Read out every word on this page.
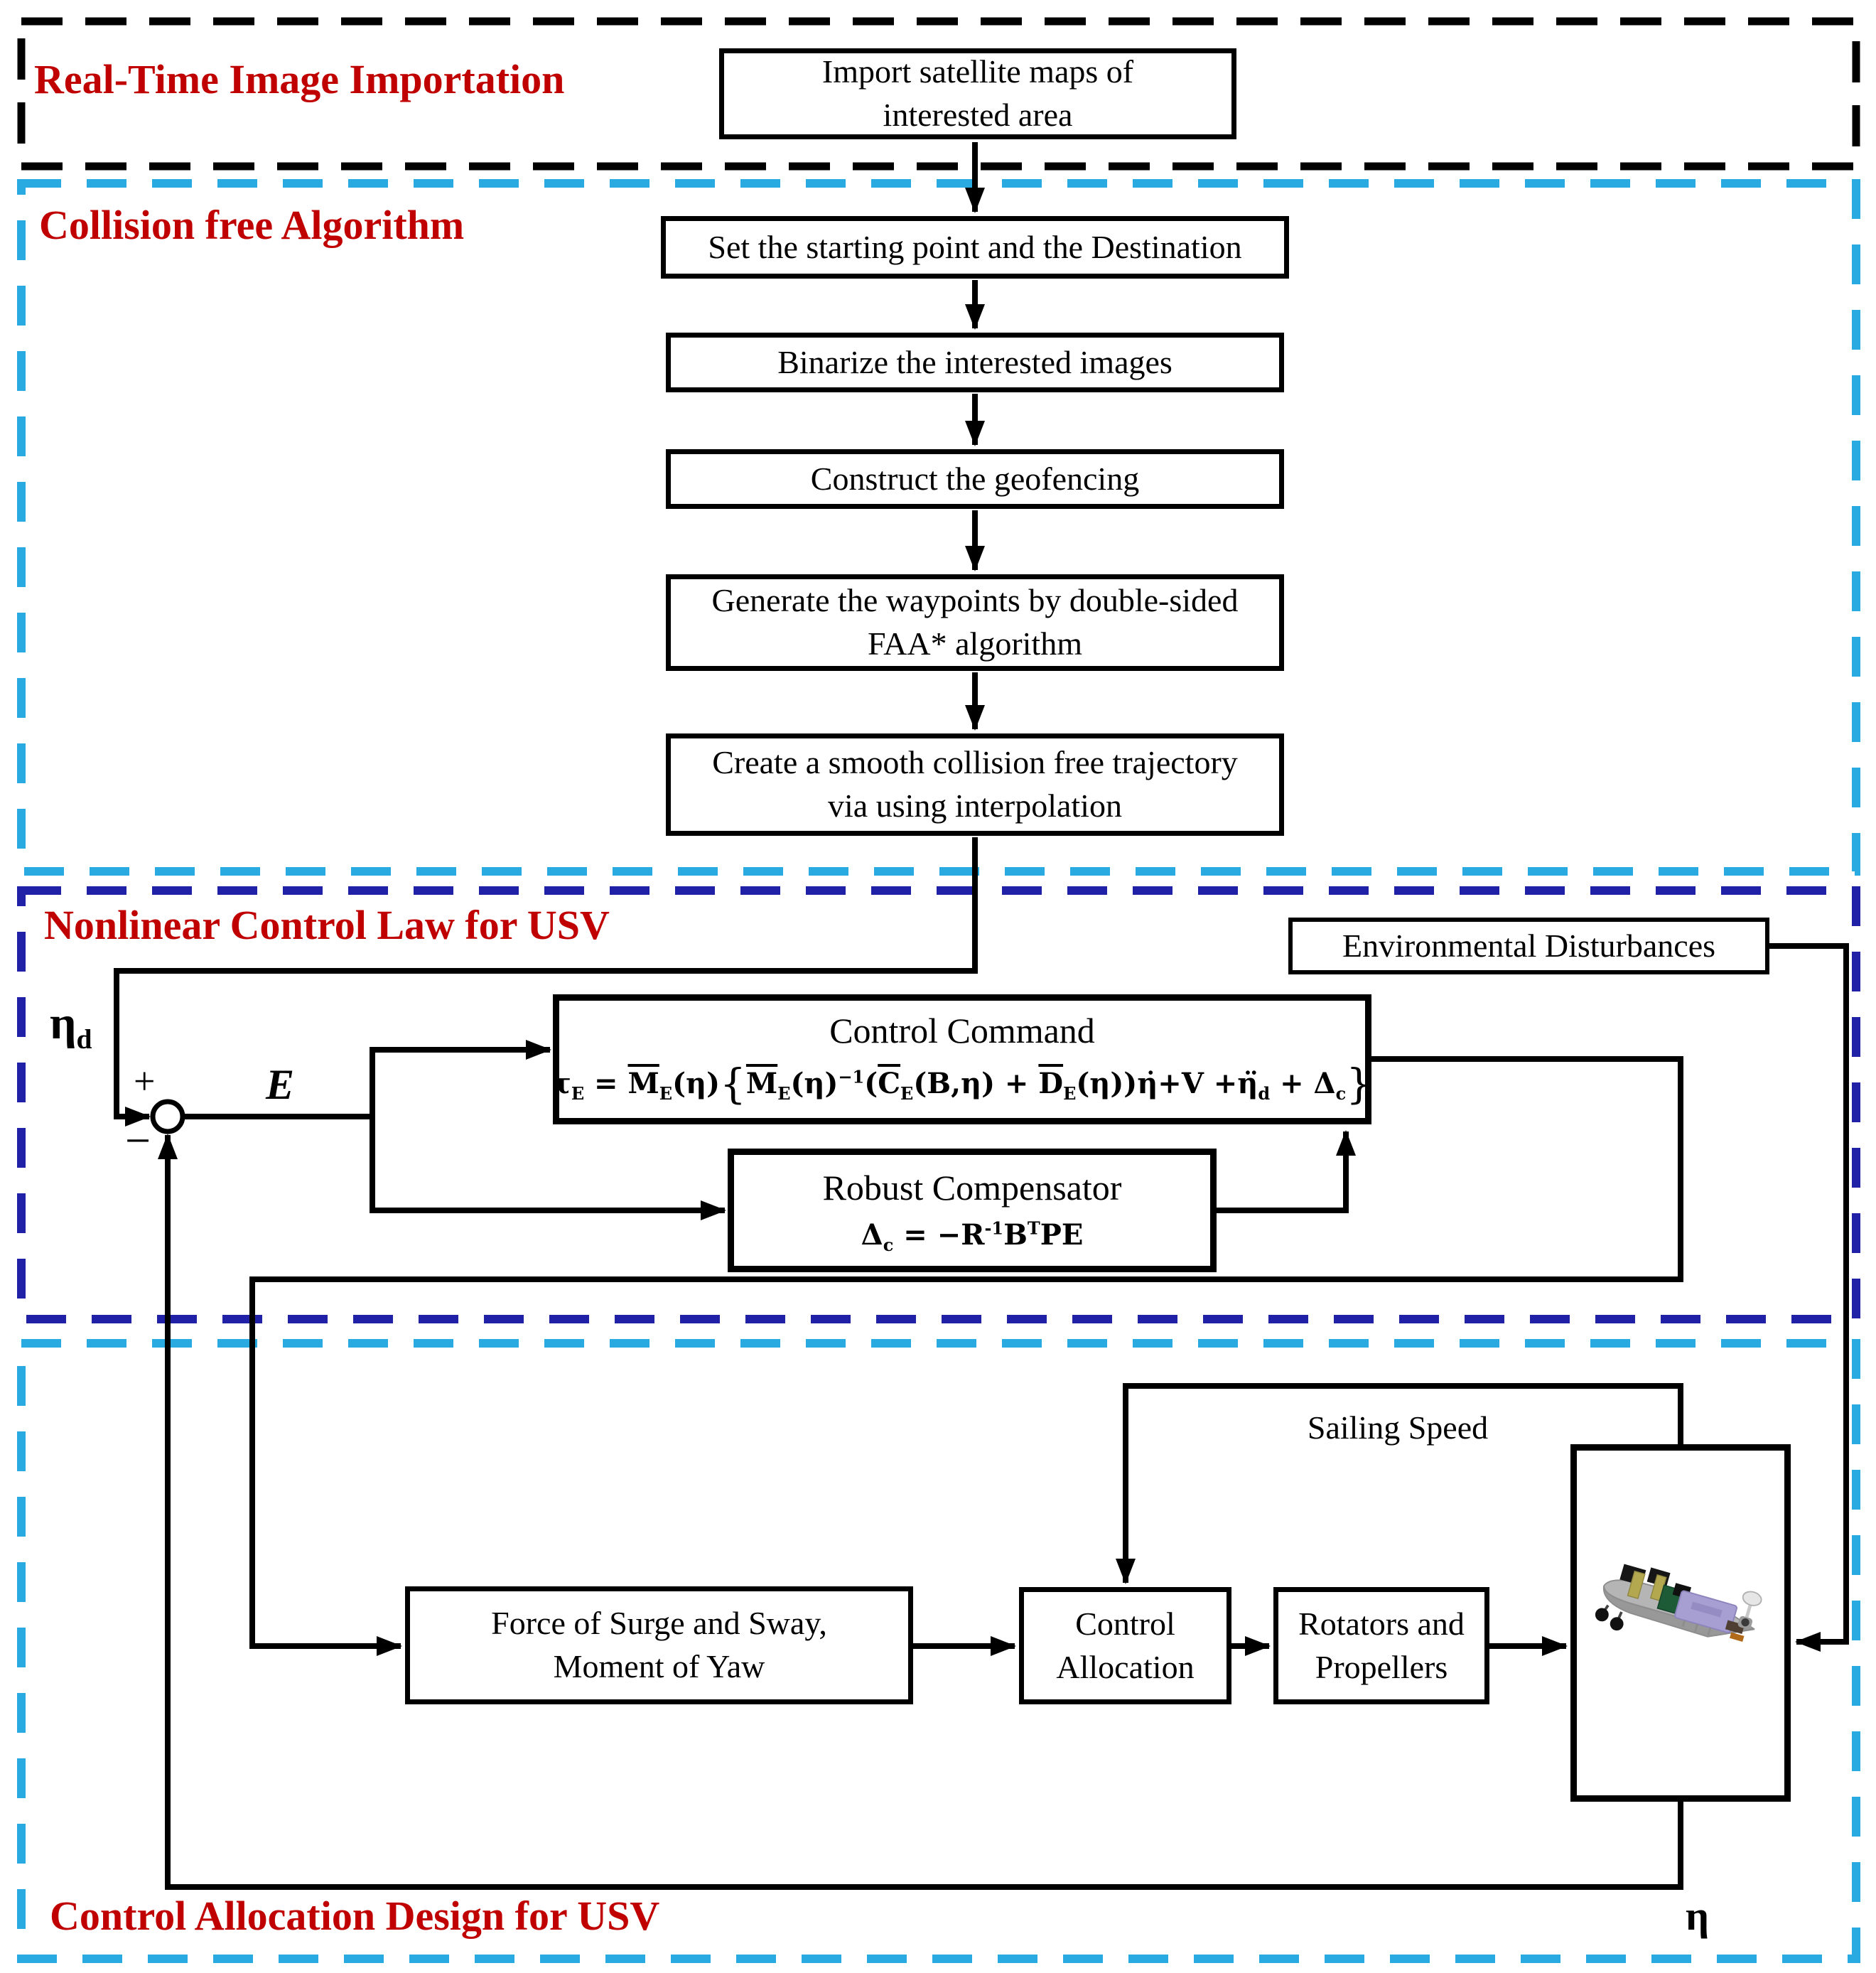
Real-Time Image Importation
Collision free Algorithm
Nonlinear Control Law for USV
Control Allocation Design for USV
Import satellite maps of
interested area
Set the starting point and the Destination
Binarize the interested images
Construct the geofencing
Generate the waypoints by double-sided
FAA* algorithm
Create a smooth collision free trajectory
via using interpolation
Environmental Disturbances
Control Command
$\tau_E = \overline{M}_E(\eta)\{\overline{M}_E(\eta)^{-1}(\overline{C}_E(B,\eta)$ + $\overline{D}_E(\eta))\etȧ+V$ $+\etä_d + \Delta_c$}
Robust Compensator
$\Delta_c = -R^{-1}B^TPE$
Force of Surge and Sway,
Moment of Yaw
Control
Allocation
Rotators and
Propellers
$\eta_d$
+
−
E
Sailing Speed
η
